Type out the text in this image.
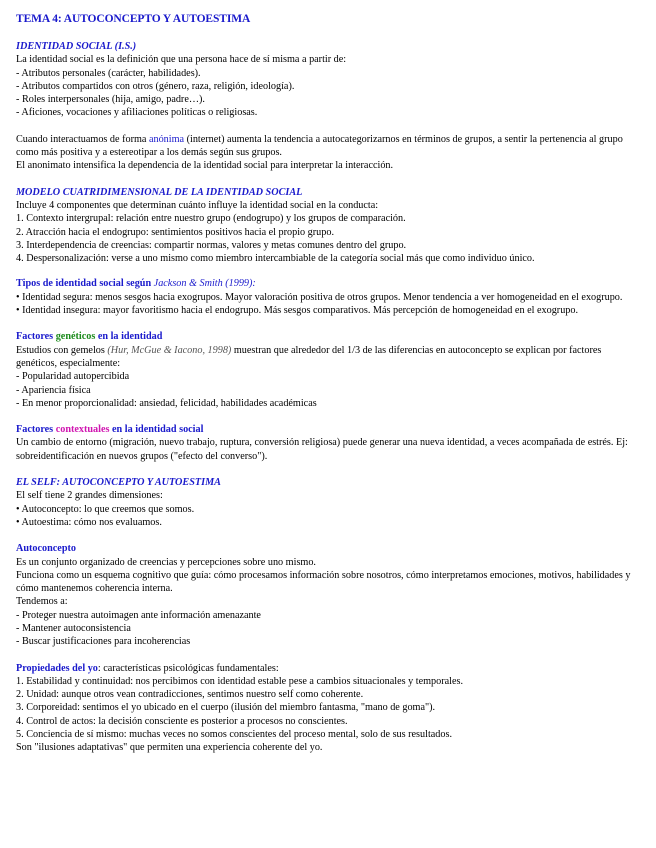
TEMA 4: AUTOCONCEPTO Y AUTOESTIMA

IDENTIDAD SOCIAL (I.S.)

La identidad social es la definición que una persona hace de sí misma a partir de:

- Atributos personales (carácter, habilidades).

- Atributos compartidos con otros (género, raza, religión, ideología).

- Roles interpersonales (hija, amigo, padre…).

- Aficiones, vocaciones y afiliaciones políticas o religiosas.

Cuando interactuamos de forma anónima (internet) aumenta la tendencia a autocategorizarnos en términos de grupos, a sentir la pertenencia al grupo como más positiva y a estereotipar a los demás según sus grupos.

El anonimato intensifica la dependencia de la identidad social para interpretar la interacción.

MODELO CUATRIDIMENSIONAL DE LA IDENTIDAD SOCIAL

Incluye 4 componentes que determinan cuánto influye la identidad social en la conducta:

1. Contexto intergrupal: relación entre nuestro grupo (endogrupo) y los grupos de comparación.

2. Atracción hacia el endogrupo: sentimientos positivos hacia el propio grupo.

3. Interdependencia de creencias: compartir normas, valores y metas comunes dentro del grupo.

4. Despersonalización: verse a uno mismo como miembro intercambiable de la categoría social más que como individuo único.

Tipos de identidad social según Jackson & Smith (1999):

• Identidad segura: menos sesgos hacia exogrupos. Mayor valoración positiva de otros grupos. Menor tendencia a ver homogeneidad en el exogrupo.

• Identidad insegura: mayor favoritismo hacia el endogrupo. Más sesgos comparativos. Más percepción de homogeneidad en el exogrupo.

Factores genéticos en la identidad

Estudios con gemelos (Hur, McGue & Iacono, 1998) muestran que alrededor del 1/3 de las diferencias en autoconcepto se explican por factores genéticos, especialmente:

- Popularidad autopercibida

- Apariencia física

- En menor proporcionalidad: ansiedad, felicidad, habilidades académicas

Factores contextuales en la identidad social

Un cambio de entorno (migración, nuevo trabajo, ruptura, conversión religiosa) puede generar una nueva identidad, a veces acompañada de estrés. Ej: sobreidentificación en nuevos grupos ("efecto del converso").

EL SELF: AUTOCONCEPTO Y AUTOESTIMA

El self tiene 2 grandes dimensiones:

• Autoconcepto: lo que creemos que somos.

• Autoestima: cómo nos evaluamos.

Autoconcepto

Es un conjunto organizado de creencias y percepciones sobre uno mismo.

Funciona como un esquema cognitivo que guía: cómo procesamos información sobre nosotros, cómo interpretamos emociones, motivos, habilidades y cómo mantenemos coherencia interna.

Tendemos a:

- Proteger nuestra autoimagen ante información amenazante

- Mantener autoconsistencia

- Buscar justificaciones para incoherencias

Propiedades del yo: características psicológicas fundamentales:

1. Estabilidad y continuidad: nos percibimos con identidad estable pese a cambios situacionales y temporales.

2. Unidad: aunque otros vean contradicciones, sentimos nuestro self como coherente.

3. Corporeidad: sentimos el yo ubicado en el cuerpo (ilusión del miembro fantasma, "mano de goma").

4. Control de actos: la decisión consciente es posterior a procesos no conscientes.

5. Conciencia de sí mismo: muchas veces no somos conscientes del proceso mental, solo de sus resultados.

Son "ilusiones adaptativas" que permiten una experiencia coherente del yo.
